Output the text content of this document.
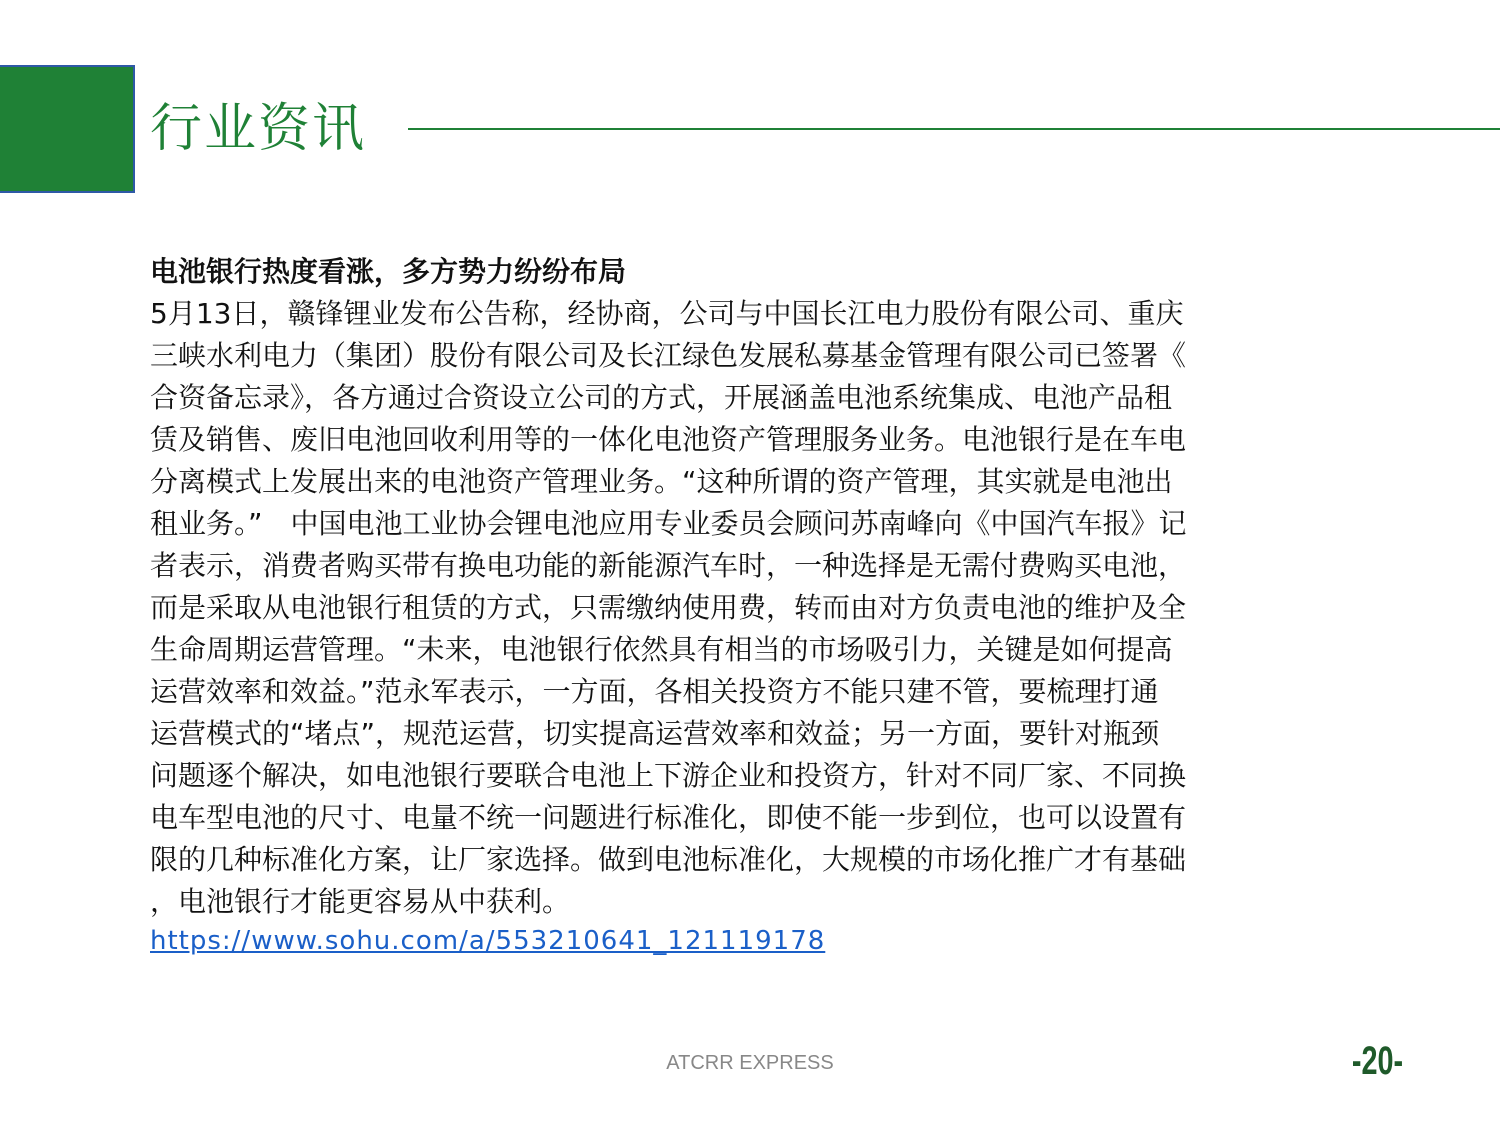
行业资讯
电池银行热度看涨，多方势力纷纷布局

5月13日，赣锋锂业发布公告称，经协商，公司与中国长江电力股份有限公司、重庆
三峡水利电力（集团）股份有限公司及长江绿色发展私募基金管理有限公司已签署《
合资备忘录》，各方通过合资设立公司的方式，开展涵盖电池系统集成、电池产品租
赁及销售、废旧电池回收利用等的一体化电池资产管理服务业务。电池银行是在车电
分离模式上发展出来的电池资产管理业务。“这种所谓的资产管理，其实就是电池出
租业务。”　中国电池工业协会锂电池应用专业委员会顾问苏南峰向《中国汽车报》记
者表示，消费者购买带有换电功能的新能源汽车时，一种选择是无需付费购买电池，
而是采取从电池银行租赁的方式，只需缴纳使用费，转而由对方负责电池的维护及全
生命周期运营管理。“未来，电池银行依然具有相当的市场吸引力，关键是如何提高
运营效率和效益。”范永军表示，一方面，各相关投资方不能只建不管，要梳理打通
运营模式的“堵点”，规范运营，切实提高运营效率和效益；另一方面，要针对瓶颈
问题逐个解决，如电池银行要联合电池上下游企业和投资方，针对不同厂家、不同换
电车型电池的尺寸、电量不统一问题进行标准化，即使不能一步到位，也可以设置有
限的几种标准化方案，让厂家选择。做到电池标准化，大规模的市场化推广才有基础
，电池银行才能更容易从中获利。

https://www.sohu.com/a/553210641_121119178
ATCRR EXPRESS	-20-
